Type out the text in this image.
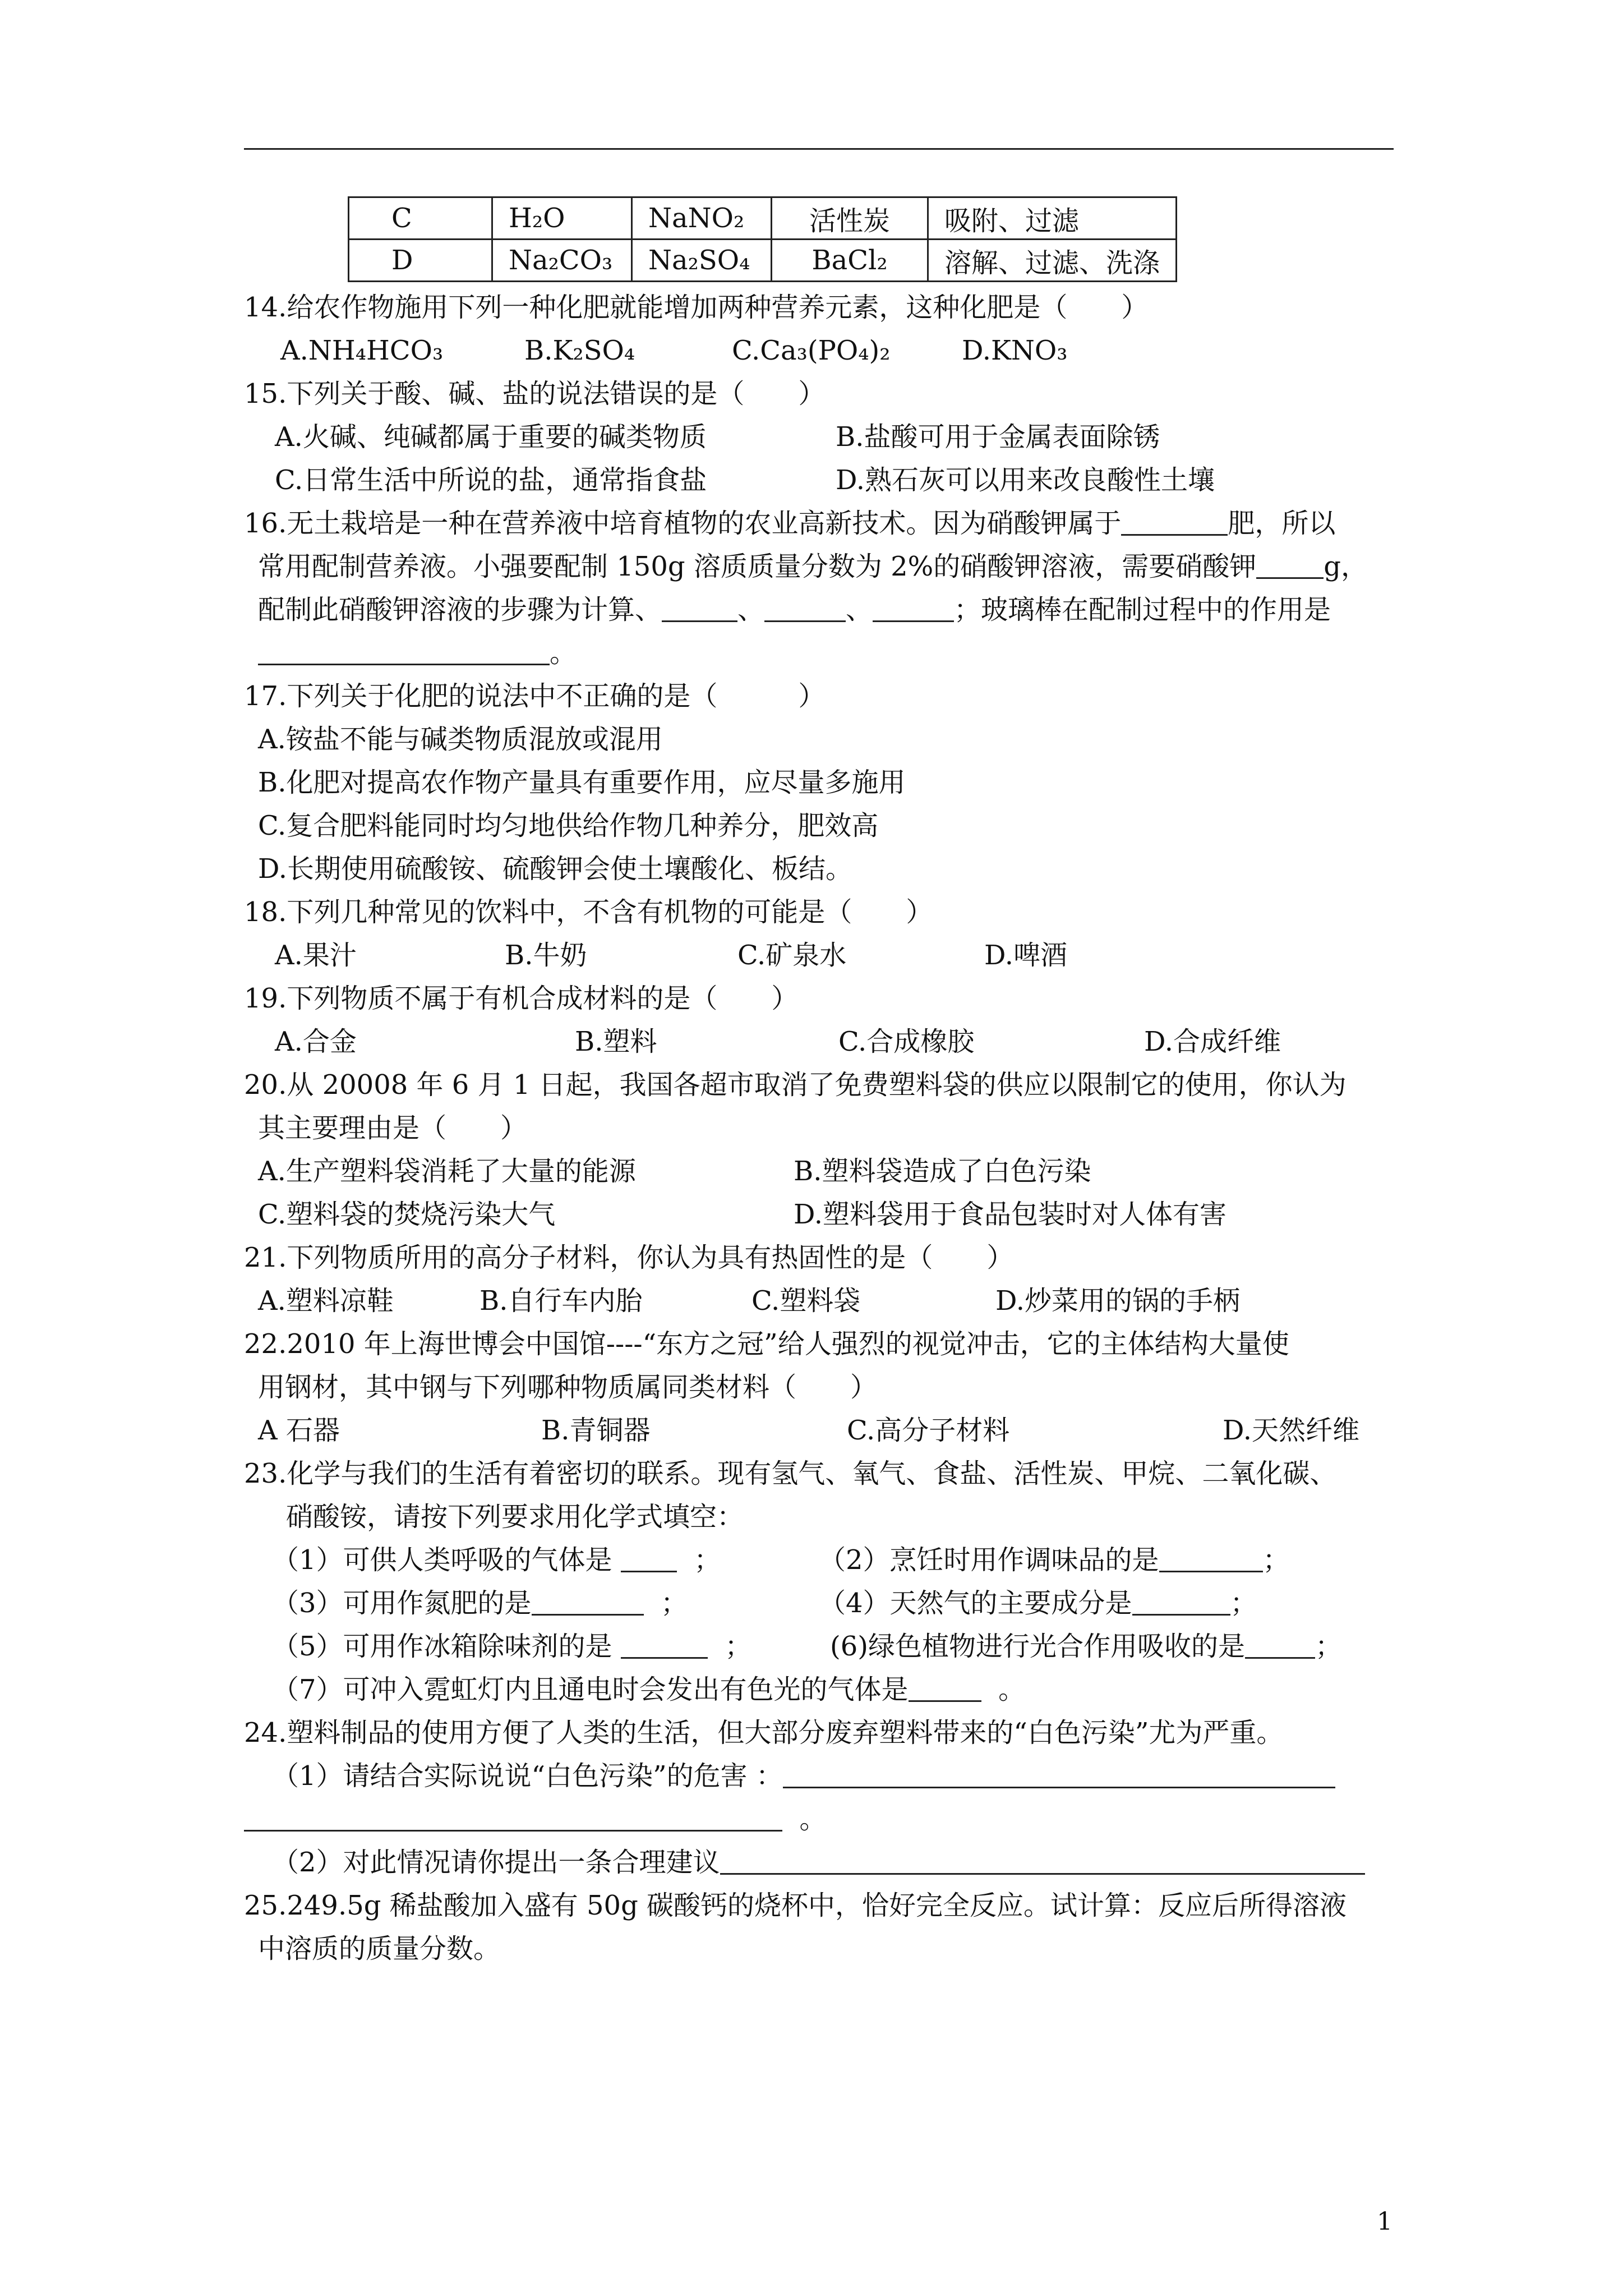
C	H₂O	NaNO₂	活性炭	吸附、过滤
D	Na₂CO₃	Na₂SO₄	BaCl₂	溶解、过滤、洗涤
14.给农作物施用下列一种化肥就能增加两种营养元素，这种化肥是（　　）
A.NH₄HCO₃	B.K₂SO₄	C.Ca₃(PO₄)₂	D.KNO₃
15.下列关于酸、碱、盐的说法错误的是（　　）
A.火碱、纯碱都属于重要的碱类物质	B.盐酸可用于金属表面除锈
C.日常生活中所说的盐，通常指食盐	D.熟石灰可以用来改良酸性土壤
16.无土栽培是一种在营养液中培育植物的农业高新技术。因为硝酸钾属于	肥，所以
常用配制营养液。小强要配制 150g 溶质质量分数为 2%的硝酸钾溶液，需要硝酸钾	g，
配制此硝酸钾溶液的步骤为计算、	、	、	；玻璃棒在配制过程中的作用是
。
17.下列关于化肥的说法中不正确的是（　　　）
A.铵盐不能与碱类物质混放或混用
B.化肥对提高农作物产量具有重要作用，应尽量多施用
C.复合肥料能同时均匀地供给作物几种养分，肥效高
D.长期使用硫酸铵、硫酸钾会使土壤酸化、板结。
18.下列几种常见的饮料中，不含有机物的可能是（　　）
A.果汁	B.牛奶	C.矿泉水	D.啤酒
19.下列物质不属于有机合成材料的是（　　）
A.合金	B.塑料	C.合成橡胶	D.合成纤维
20.从 20008 年 6 月 1 日起，我国各超市取消了免费塑料袋的供应以限制它的使用，你认为
其主要理由是（　　）
A.生产塑料袋消耗了大量的能源	B.塑料袋造成了白色污染
C.塑料袋的焚烧污染大气	D.塑料袋用于食品包装时对人体有害
21.下列物质所用的高分子材料，你认为具有热固性的是（　　）
A.塑料凉鞋	B.自行车内胎	C.塑料袋	D.炒菜用的锅的手柄
22.2010 年上海世博会中国馆----“东方之冠”给人强烈的视觉冲击，它的主体结构大量使
用钢材，其中钢与下列哪种物质属同类材料（　　）
A 石器	B.青铜器	C.高分子材料	D.天然纤维
23.化学与我们的生活有着密切的联系。现有氢气、氧气、食盐、活性炭、甲烷、二氧化碳、
硝酸铵，请按下列要求用化学式填空：
（1）可供人类呼吸的气体是	；	（2）烹饪时用作调味品的是	；
（3）可用作氮肥的是	；	（4）天然气的主要成分是	；
（5）可用作冰箱除味剂的是	；	(6)绿色植物进行光合作用吸收的是	；
（7）可冲入霓虹灯内且通电时会发出有色光的气体是	。
24.塑料制品的使用方便了人类的生活，但大部分废弃塑料带来的“白色污染”尤为严重。
（1）请结合实际说说“白色污染”的危害 ：
。
（2）对此情况请你提出一条合理建议
25.249.5g 稀盐酸加入盛有 50g 碳酸钙的烧杯中，恰好完全反应。试计算：反应后所得溶液
中溶质的质量分数。
1
